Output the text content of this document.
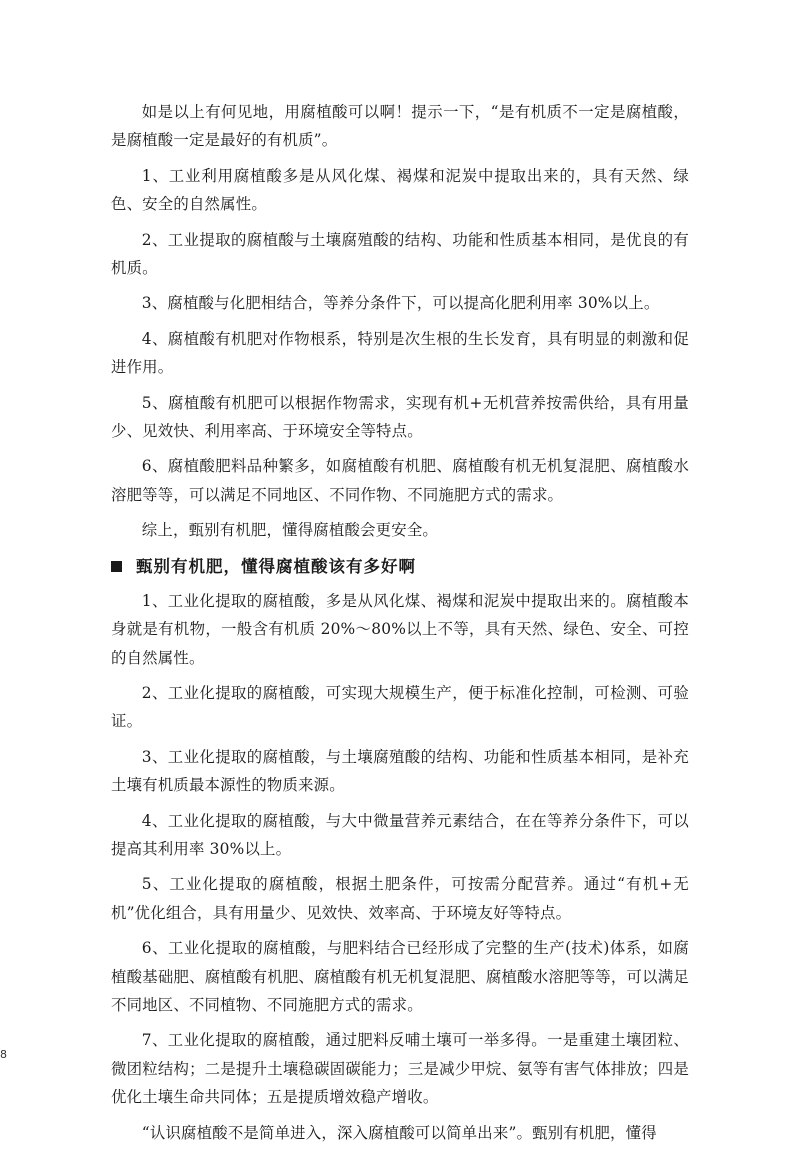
如是以上有何见地，用腐植酸可以啊！提示一下，“是有机质不一定是腐植酸，是腐植酸一定是最好的有机质”。

1、工业利用腐植酸多是从风化煤、褐煤和泥炭中提取出来的，具有天然、绿色、安全的自然属性。

2、工业提取的腐植酸与土壤腐殖酸的结构、功能和性质基本相同，是优良的有机质。

3、腐植酸与化肥相结合，等养分条件下，可以提高化肥利用率 30%以上。

4、腐植酸有机肥对作物根系，特别是次生根的生长发育，具有明显的刺激和促进作用。

5、腐植酸有机肥可以根据作物需求，实现有机+无机营养按需供给，具有用量少、见效快、利用率高、于环境安全等特点。

6、腐植酸肥料品种繁多，如腐植酸有机肥、腐植酸有机无机复混肥、腐植酸水溶肥等等，可以满足不同地区、不同作物、不同施肥方式的需求。

综上，甄别有机肥，懂得腐植酸会更安全。

甄别有机肥，懂得腐植酸该有多好啊

1、工业化提取的腐植酸，多是从风化煤、褐煤和泥炭中提取出来的。腐植酸本身就是有机物，一般含有机质 20%～80%以上不等，具有天然、绿色、安全、可控的自然属性。

2、工业化提取的腐植酸，可实现大规模生产，便于标准化控制，可检测、可验证。

3、工业化提取的腐植酸，与土壤腐殖酸的结构、功能和性质基本相同，是补充土壤有机质最本源性的物质来源。

4、工业化提取的腐植酸，与大中微量营养元素结合，在在等养分条件下，可以提高其利用率 30%以上。

5、工业化提取的腐植酸，根据土肥条件，可按需分配营养。通过“有机+无机”优化组合，具有用量少、见效快、效率高、于环境友好等特点。

6、工业化提取的腐植酸，与肥料结合已经形成了完整的生产(技术)体系，如腐植酸基础肥、腐植酸有机肥、腐植酸有机无机复混肥、腐植酸水溶肥等等，可以满足不同地区、不同植物、不同施肥方式的需求。

7、工业化提取的腐植酸，通过肥料反哺土壤可一举多得。一是重建土壤团粒、微团粒结构；二是提升土壤稳碳固碳能力；三是减少甲烷、氨等有害气体排放；四是优化土壤生命共同体；五是提质增效稳产增收。

“认识腐植酸不是简单进入，深入腐植酸可以简单出来”。甄别有机肥，懂得

8
